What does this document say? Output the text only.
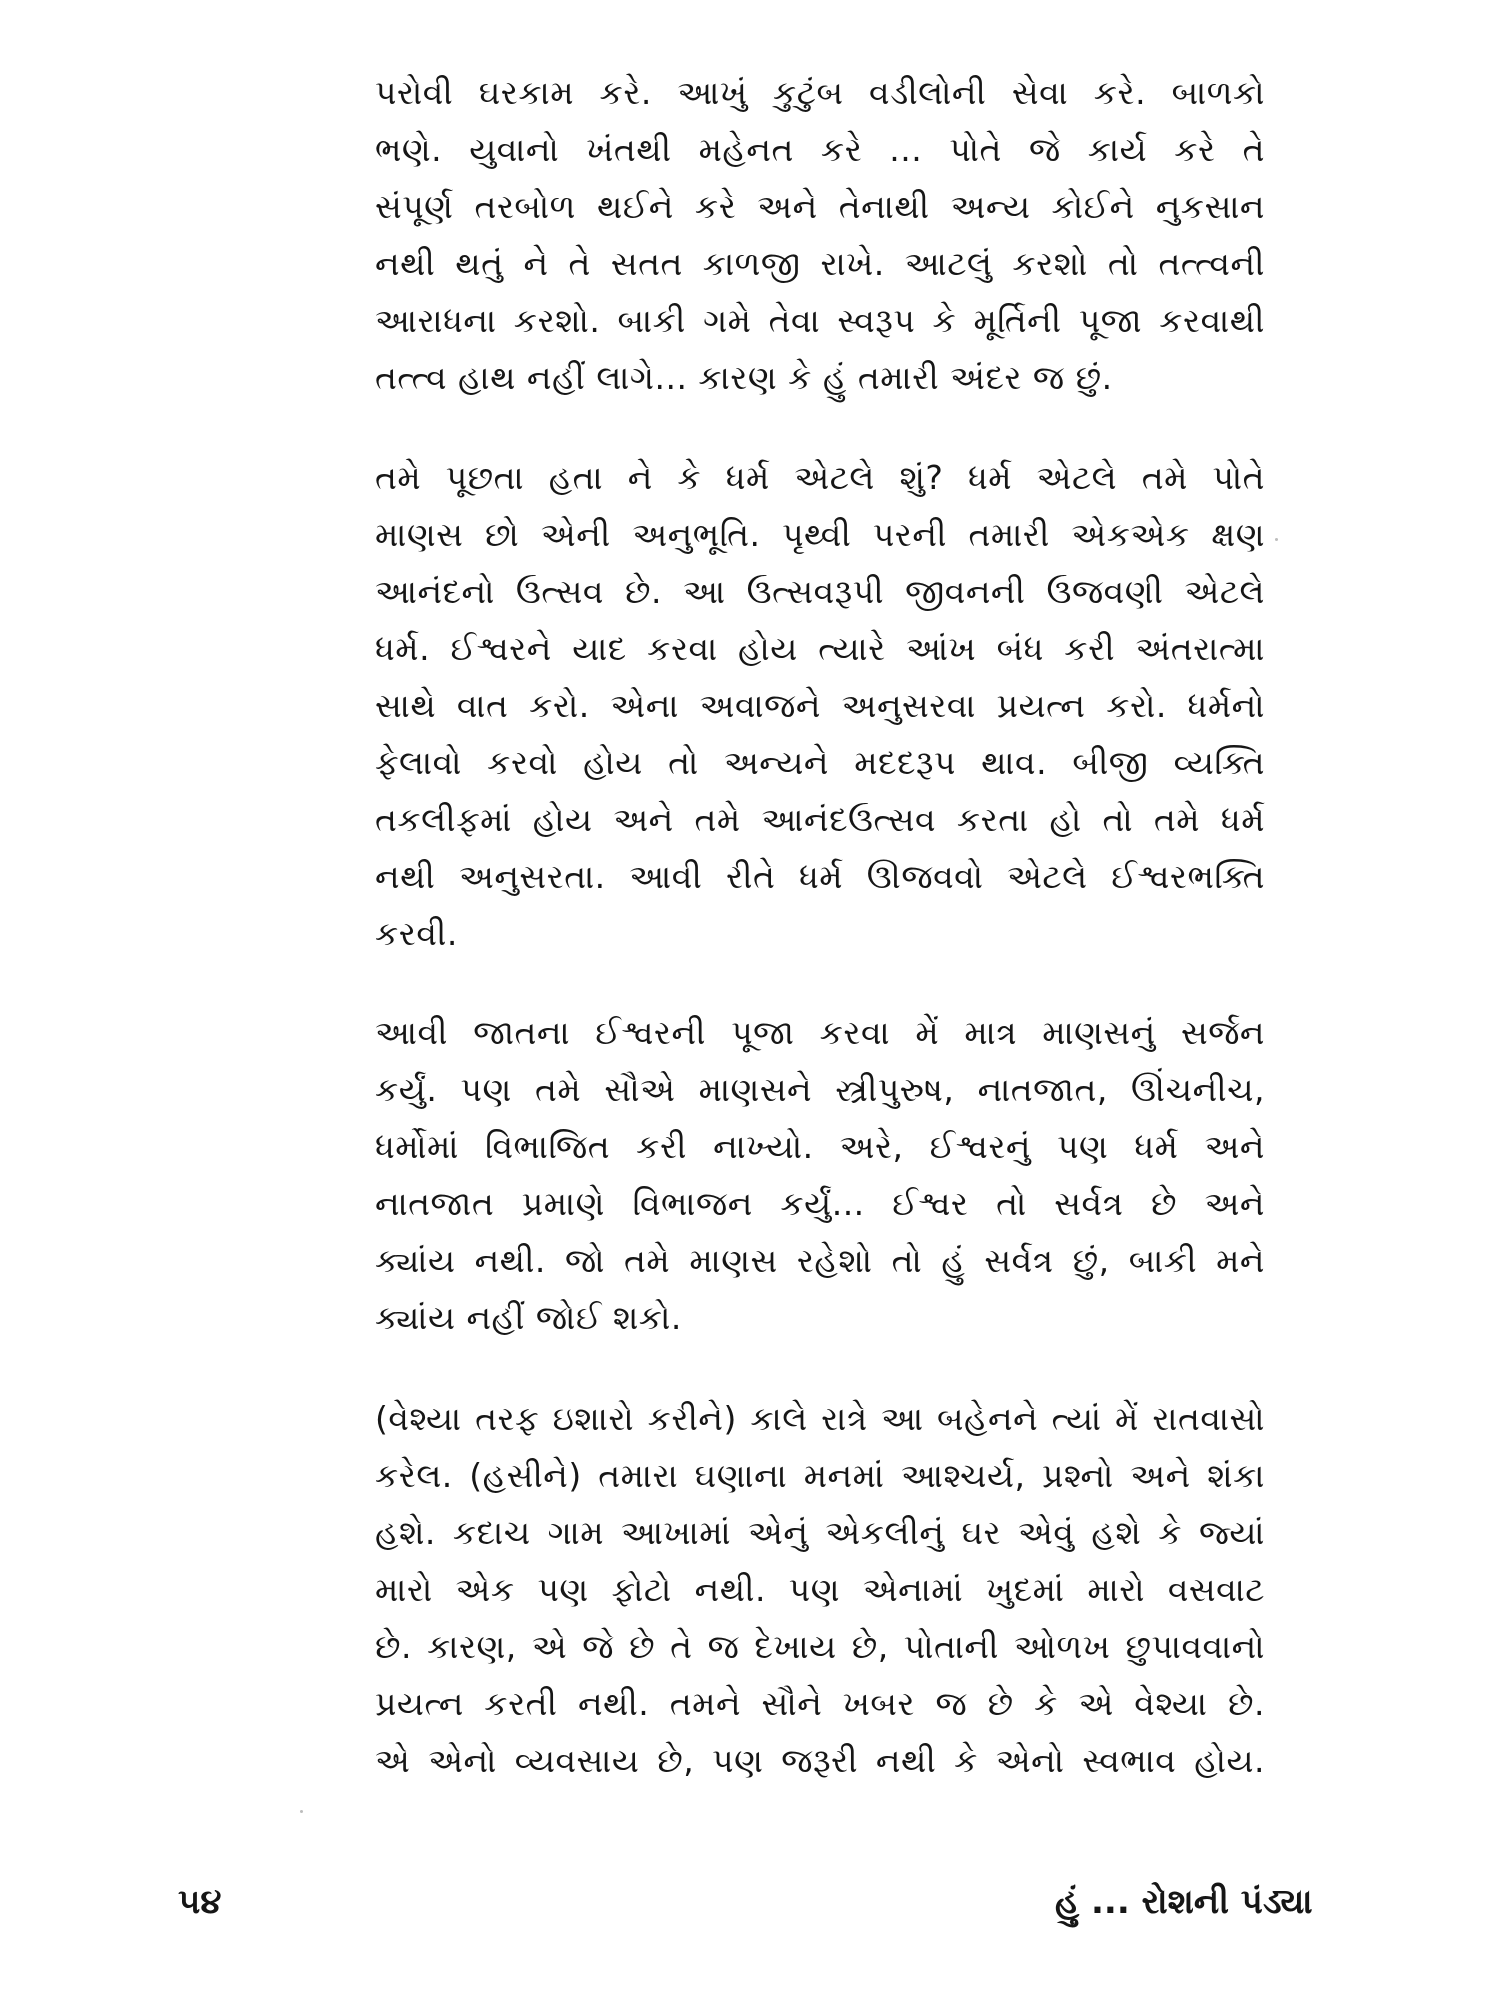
પરોવી ઘરકામ કરે. આખું કુટુંબ વડીલોની સેવા કરે. બાળકો
ભણે. યુવાનો ખંતથી મહેનત કરે ... પોતે જે કાર્ય કરે તે
સંપૂર્ણ તરબોળ થઈને કરે અને તેનાથી અન્ય કોઈને નુકસાન
નથી થતું ને તે સતત કાળજી રાખે. આટલું કરશો તો તત્ત્વની
આરાધના કરશો. બાકી ગમે તેવા સ્વરૂપ કે મૂર્તિની પૂજા કરવાથી
તત્ત્વ હાથ નહીં લાગે... કારણ કે હું તમારી અંદર જ છું.
તમે પૂછતા હતા ને કે ધર્મ એટલે શું? ધર્મ એટલે તમે પોતે
માણસ છો એની અનુભૂતિ. પૃથ્વી પરની તમારી એકએક ક્ષણ
આનંદનો ઉત્સવ છે. આ ઉત્સવરૂપી જીવનની ઉજવણી એટલે
ધર્મ. ઈશ્વરને યાદ કરવા હોય ત્યારે આંખ બંધ કરી અંતરાત્મા
સાથે વાત કરો. એના અવાજને અનુસરવા પ્રયત્ન કરો. ધર્મનો
ફેલાવો કરવો હોય તો અન્યને મદદરૂપ થાવ. બીજી વ્યક્તિ
તકલીફમાં હોય અને તમે આનંદઉત્સવ કરતા હો તો તમે ધર્મ
નથી અનુસરતા. આવી રીતે ધર્મ ઊજવવો એટલે ઈશ્વરભક્તિ
કરવી.
આવી જાતના ઈશ્વરની પૂજા કરવા મેં માત્ર માણસનું સર્જન
કર્યું. પણ તમે સૌએ માણસને સ્ત્રીપુરુષ, નાતજાત, ઊંચનીચ,
ધર્મોમાં વિભાજિત કરી નાખ્યો. અરે, ઈશ્વરનું પણ ધર્મ અને
નાતજાત પ્રમાણે વિભાજન કર્યું... ઈશ્વર તો સર્વત્ર છે અને
ક્યાંય નથી. જો તમે માણસ રહેશો તો હું સર્વત્ર છું, બાકી મને
ક્યાંય નહીં જોઈ શકો.
(વેશ્યા તરફ ઇશારો કરીને) કાલે રાત્રે આ બહેનને ત્યાં મેં રાતવાસો
કરેલ. (હસીને) તમારા ઘણાના મનમાં આશ્ચર્ય, પ્રશ્નો અને શંકા
હશે. કદાચ ગામ આખામાં એનું એકલીનું ઘર એવું હશે કે જ્યાં
મારો એક પણ ફોટો નથી. પણ એનામાં ખુદમાં મારો વસવાટ
છે. કારણ, એ જે છે તે જ દેખાય છે, પોતાની ઓળખ છુપાવવાનો
પ્રયત્ન કરતી નથી. તમને સૌને ખબર જ છે કે એ વેશ્યા છે.
એ એનો વ્યવસાય છે, પણ જરૂરી નથી કે એનો સ્વભાવ હોય.
૫૪	હું ... રોશની પંડ્યા
